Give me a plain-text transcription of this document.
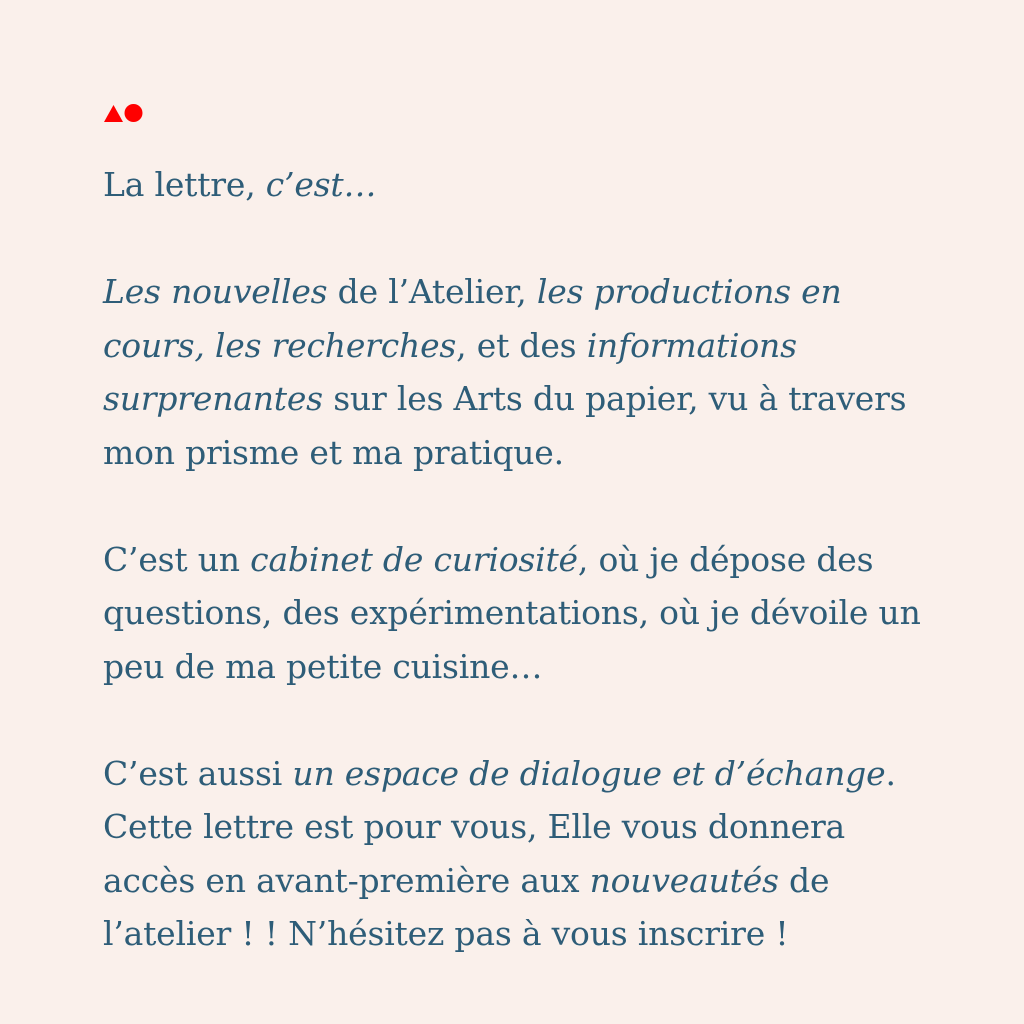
La lettre, c’est…

Les nouvelles de l’Atelier, les productions en cours, les recherches, et des informations surprenantes sur les Arts du papier, vu à travers mon prisme et ma pratique.

C’est un cabinet de curiosité, où je dépose des questions, des expérimentations, où je dévoile un peu de ma petite cuisine…

C’est aussi un espace de dialogue et d’échange. Cette lettre est pour vous, Elle vous donnera accès en avant-première aux nouveautés de l’atelier ! ! N’hésitez pas à vous inscrire !
